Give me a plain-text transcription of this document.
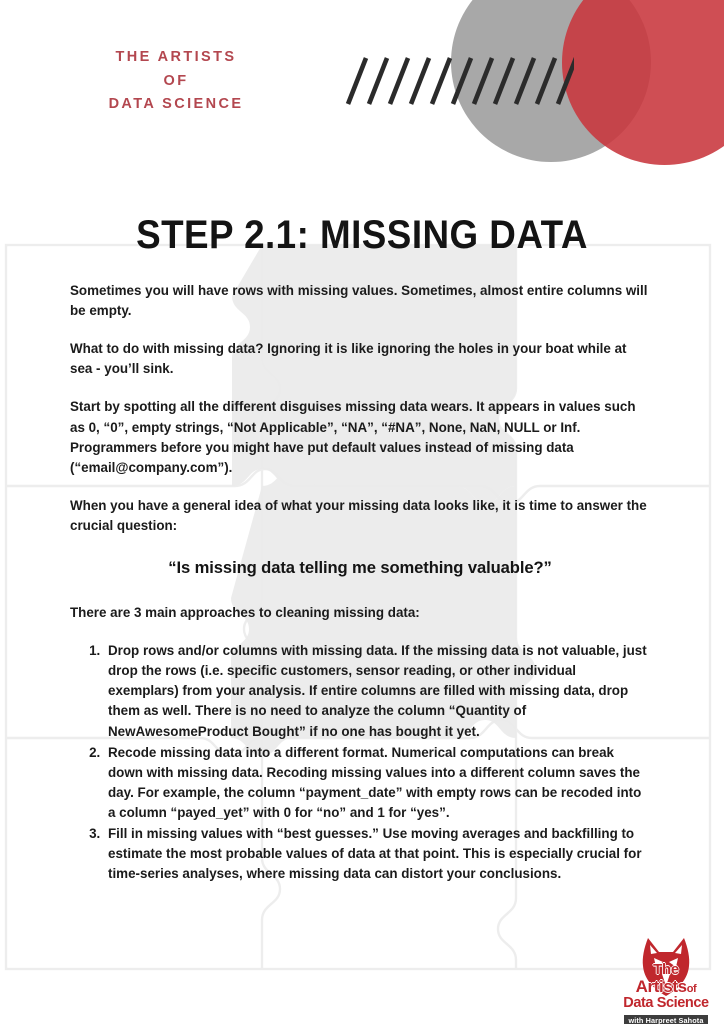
THE ARTISTS
OF
DATA SCIENCE
STEP 2.1: MISSING DATA

Sometimes you will have rows with missing values. Sometimes, almost entire columns will be empty.

What to do with missing data? Ignoring it is like ignoring the holes in your boat while at sea - you’ll sink.

Start by spotting all the different disguises missing data wears. It appears in values such as 0, “0”, empty strings, “Not Applicable”, “NA”, “#NA”, None, NaN, NULL or Inf. Programmers before you might have put default values instead of missing data (“email@company.com”).

When you have a general idea of what your missing data looks like, it is time to answer the crucial question:

“Is missing data telling me something valuable?”

There are 3 main approaches to cleaning missing data:

1. Drop rows and/or columns with missing data. If the missing data is not valuable, just drop the rows (i.e. specific customers, sensor reading, or other individual exemplars) from your analysis. If entire columns are filled with missing data, drop them as well. There is no need to analyze the column “Quantity of NewAwesomeProduct Bought” if no one has bought it yet.
2. Recode missing data into a different format. Numerical computations can break down with missing data. Recoding missing values into a different column saves the day. For example, the column “payment_date” with empty rows can be recoded into a column “payed_yet” with 0 for “no” and 1 for “yes”.
3. Fill in missing values with “best guesses.” Use moving averages and backfilling to estimate the most probable values of data at that point. This is especially crucial for time-series analyses, where missing data can distort your conclusions.
The
Artistsof
Data Science
with Harpreet Sahota
